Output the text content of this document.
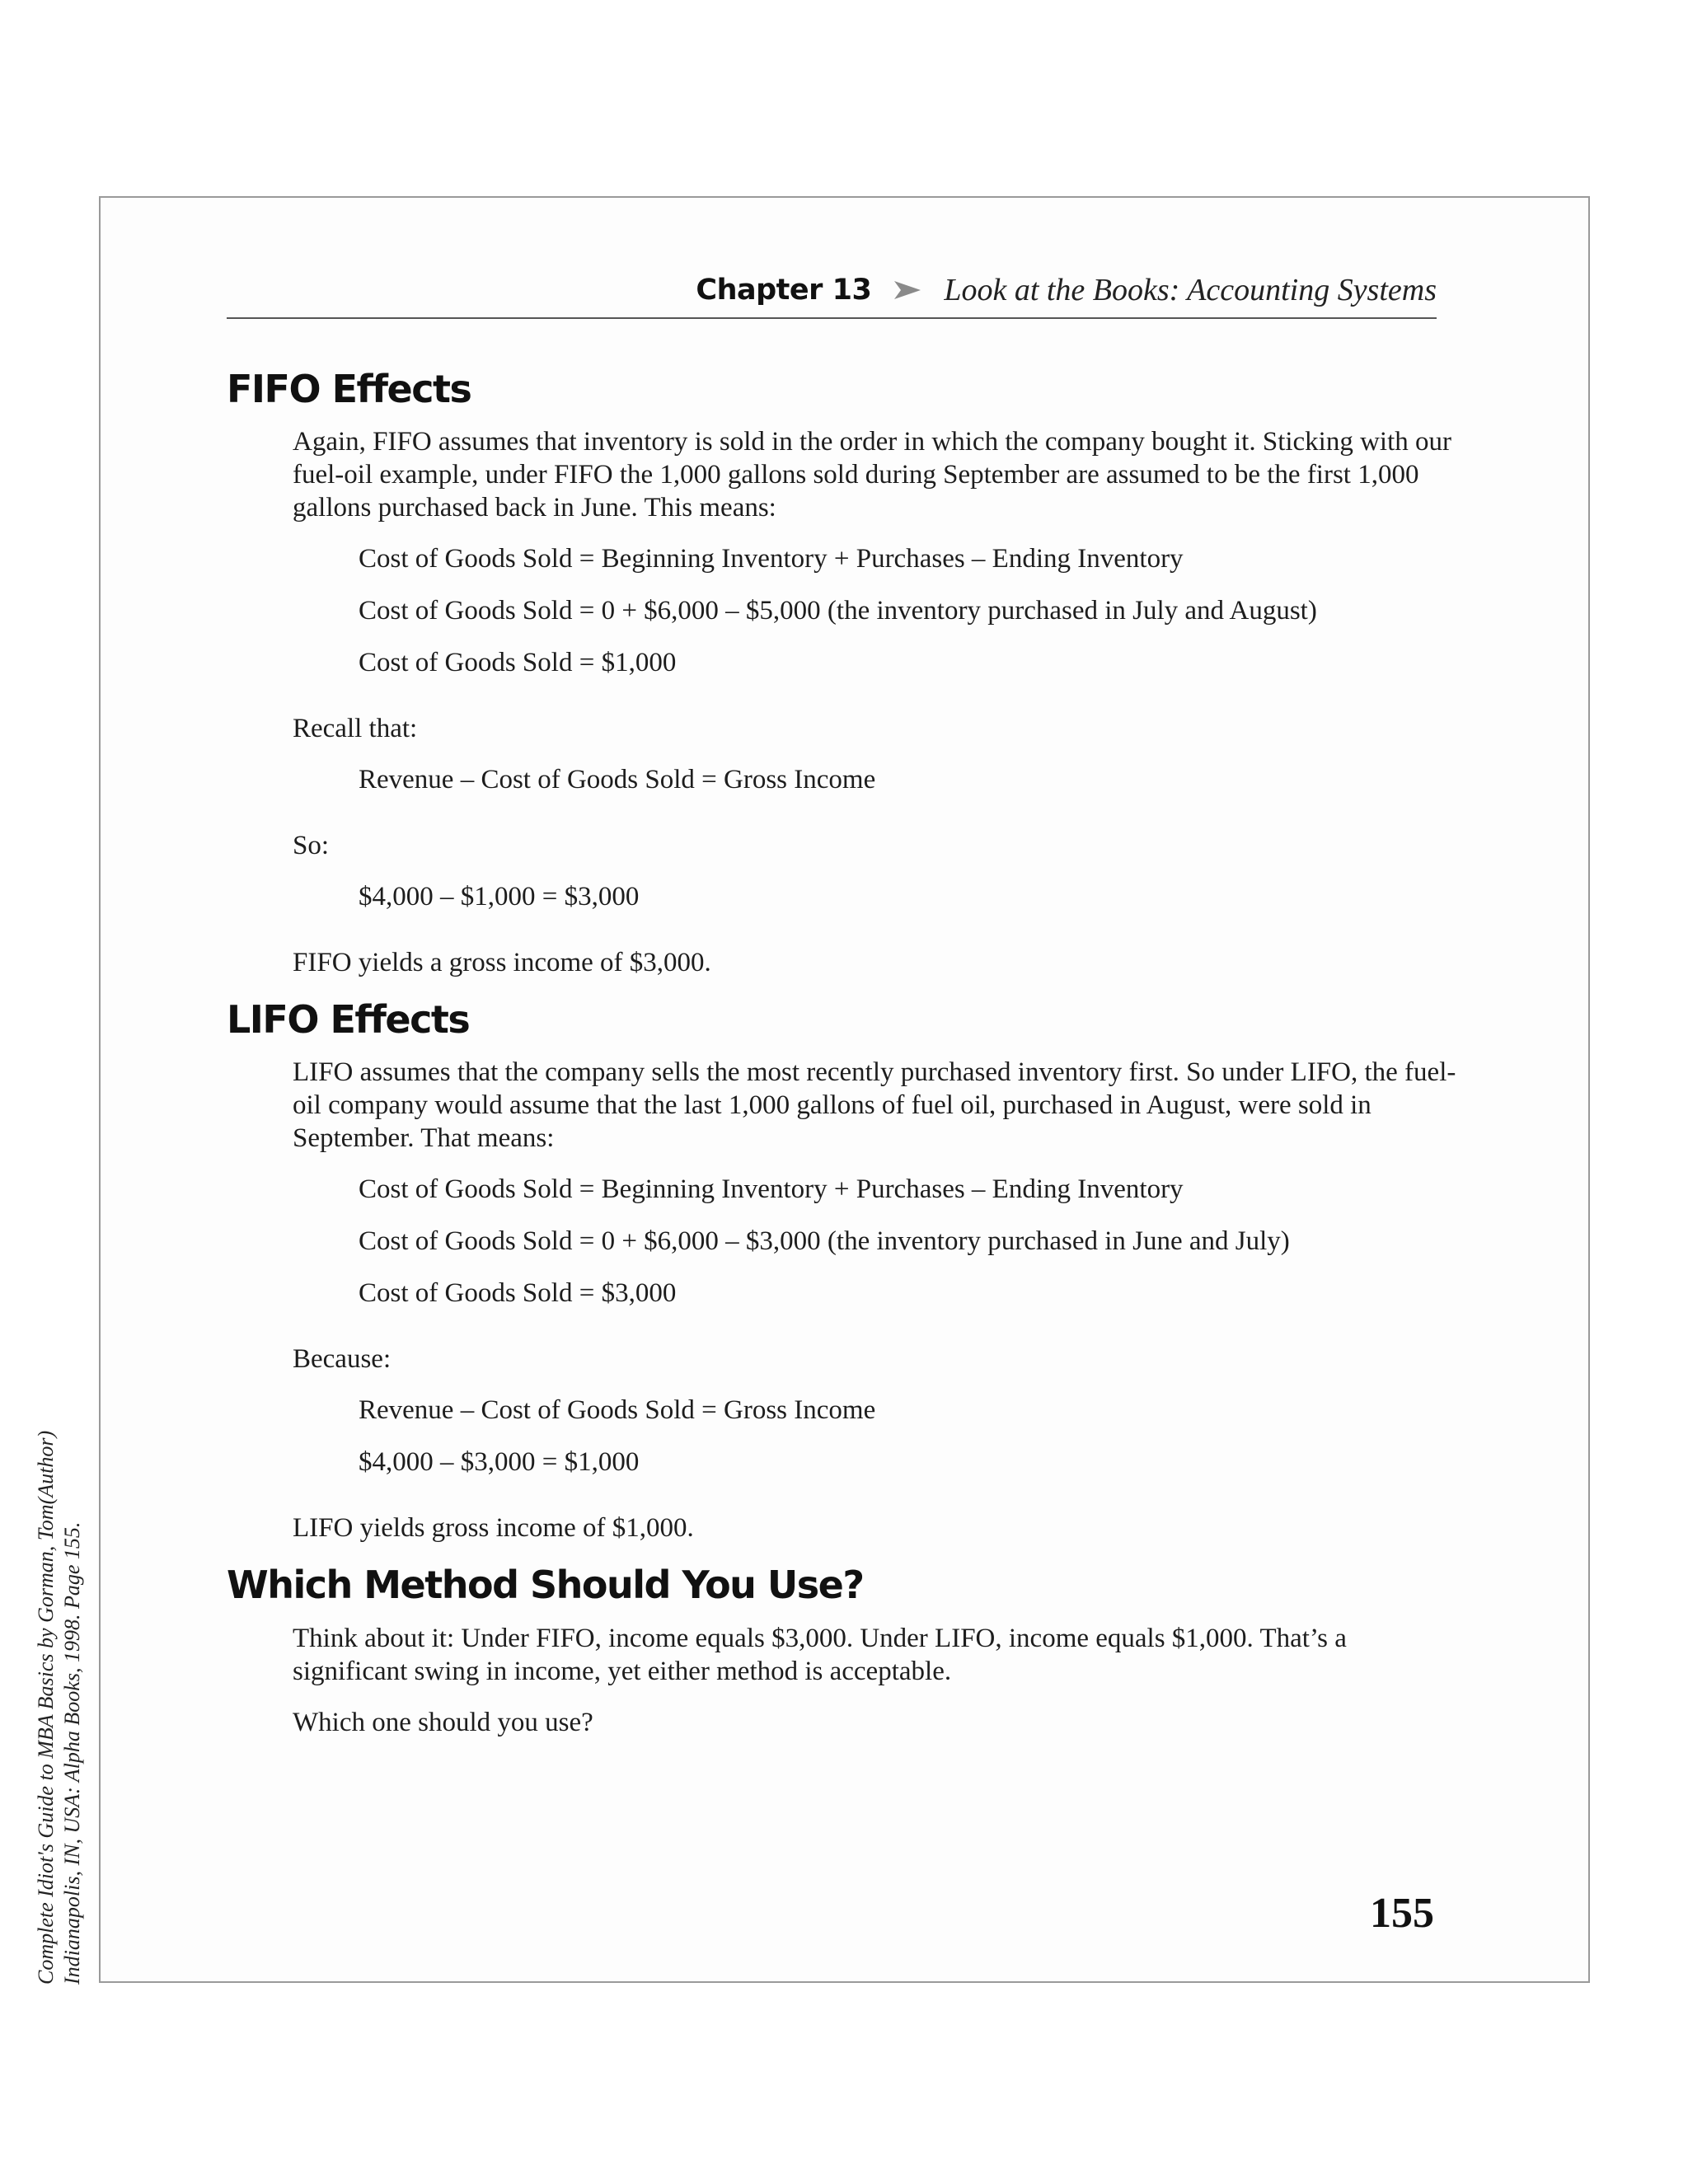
Chapter 13 Look at the Books: Accounting Systems
FIFO Effects

Again, FIFO assumes that inventory is sold in the order in which the company bought it. Sticking with our fuel-oil example, under FIFO the 1,000 gallons sold during September are assumed to be the first 1,000 gallons purchased back in June. This means:

Cost of Goods Sold = Beginning Inventory + Purchases – Ending Inventory
Cost of Goods Sold = 0 + $6,000 – $5,000 (the inventory purchased in July and August)
Cost of Goods Sold = $1,000

Recall that:

Revenue – Cost of Goods Sold = Gross Income

So:

$4,000 – $1,000 = $3,000

FIFO yields a gross income of $3,000.

LIFO Effects

LIFO assumes that the company sells the most recently purchased inventory first. So under LIFO, the fuel-oil company would assume that the last 1,000 gallons of fuel oil, purchased in August, were sold in September. That means:

Cost of Goods Sold = Beginning Inventory + Purchases – Ending Inventory
Cost of Goods Sold = 0 + $6,000 – $3,000 (the inventory purchased in June and July)
Cost of Goods Sold = $3,000

Because:

Revenue – Cost of Goods Sold = Gross Income
$4,000 – $3,000 = $1,000

LIFO yields gross income of $1,000.

Which Method Should You Use?

Think about it: Under FIFO, income equals $3,000. Under LIFO, income equals $1,000. That’s a significant swing in income, yet either method is acceptable.

Which one should you use?

155
Complete Idiot's Guide to MBA Basics by Gorman, Tom(Author) Indianapolis, IN, USA: Alpha Books, 1998. Page 155.
